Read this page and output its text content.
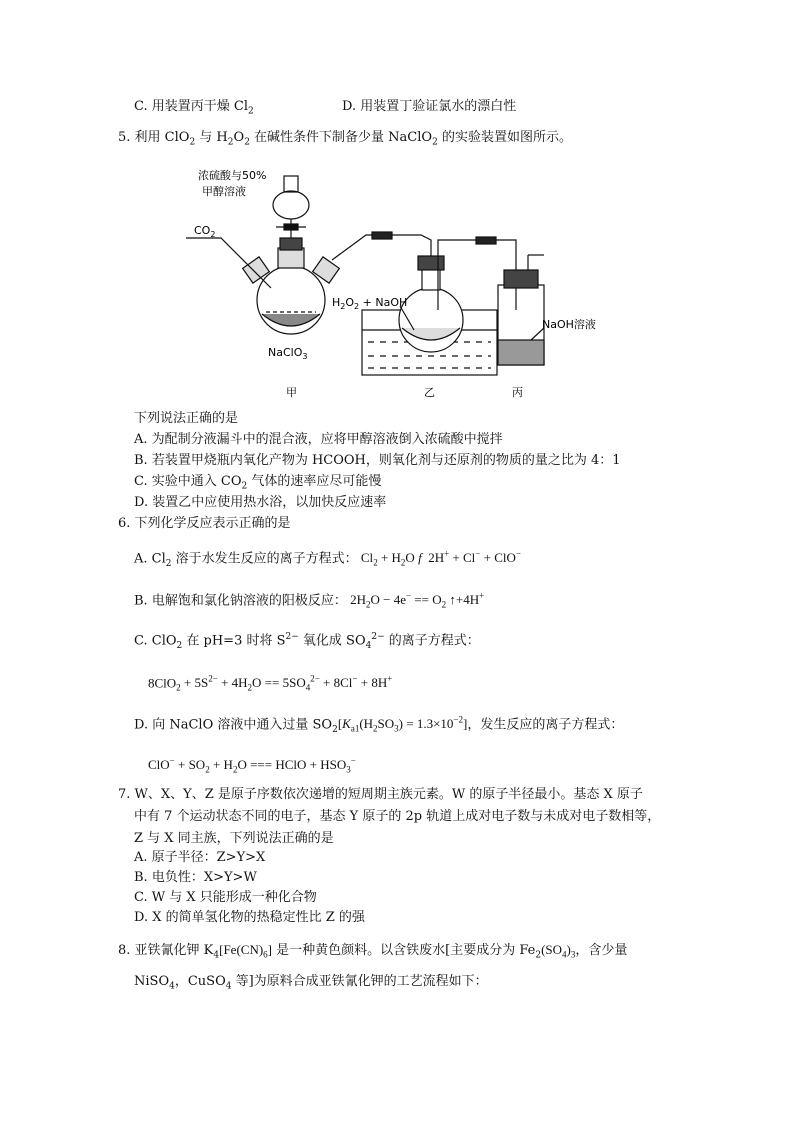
C. 用装置丙干燥 $Cl_2$	D. 用装置丁验证氯水的漂白性
5. 利用 ClO$_2$ 与 $H_2O_2$ 在碱性条件下制备少量 NaClO$_2$ 的实验装置如图所示。
浓硫酸与50%
甲醇溶液
$CO_2$
NaClO$_3$
$H_2O_2$ + NaOH
NaOH溶液
甲	乙	丙
下列说法正确的是
A. 为配制分液漏斗中的混合液，应将甲醇溶液倒入浓硫酸中搅拌
B. 若装置甲烧瓶内氧化产物为 HCOOH，则氧化剂与还原剂的物质的量之比为 4：1
C. 实验中通入 $CO_2$ 气体的速率应尽可能慢
D. 装置乙中应使用热水浴，以加快反应速率
6. 下列化学反应表示正确的是
A. $Cl_2$ 溶于水发生反应的离子方程式： $Cl_2 + H_2O$ f  2H+ + Cl− + ClO−
B. 电解饱和氯化钠溶液的阳极反应： $2H_2O - 4e^- == O_2$ ↑+4H+
C. ClO$_2$ 在 pH=3 时将 $S^{2-}$ 氧化成 $SO_4^{2-}$ 的离子方程式：
$8ClO_2 + 5S^{2-} + 4H_2O == 5SO_4^{2-} + 8Cl^- + 8H^+$
D. 向 NaClO 溶液中通入过量 $SO_2[K_{a1}(H_2SO_3) = 1.3\times 10^{-2}]$，发生反应的离子方程式：
$ClO^- + SO_2 + H_2O$ === HClO + $HSO_3^-$
7. W、X、Y、Z 是原子序数依次递增的短周期主族元素。W 的原子半径最小。基态 X 原子
中有 7 个运动状态不同的电子，基态 Y 原子的 2p 轨道上成对电子数与未成对电子数相等，
Z 与 X 同主族，下列说法正确的是
A. 原子半径：Z>Y>X
B. 电负性：X>Y>W
C. W 与 X 只能形成一种化合物
D. X 的简单氢化物的热稳定性比 Z 的强
8. 亚铁氰化钾 $K_4[Fe(CN)_6]$ 是一种黄色颜料。以含铁废水[主要成分为 $Fe_2(SO_4)_3$，含少量
NiSO$_4$，CuSO$_4$ 等]为原料合成亚铁氰化钾的工艺流程如下：
